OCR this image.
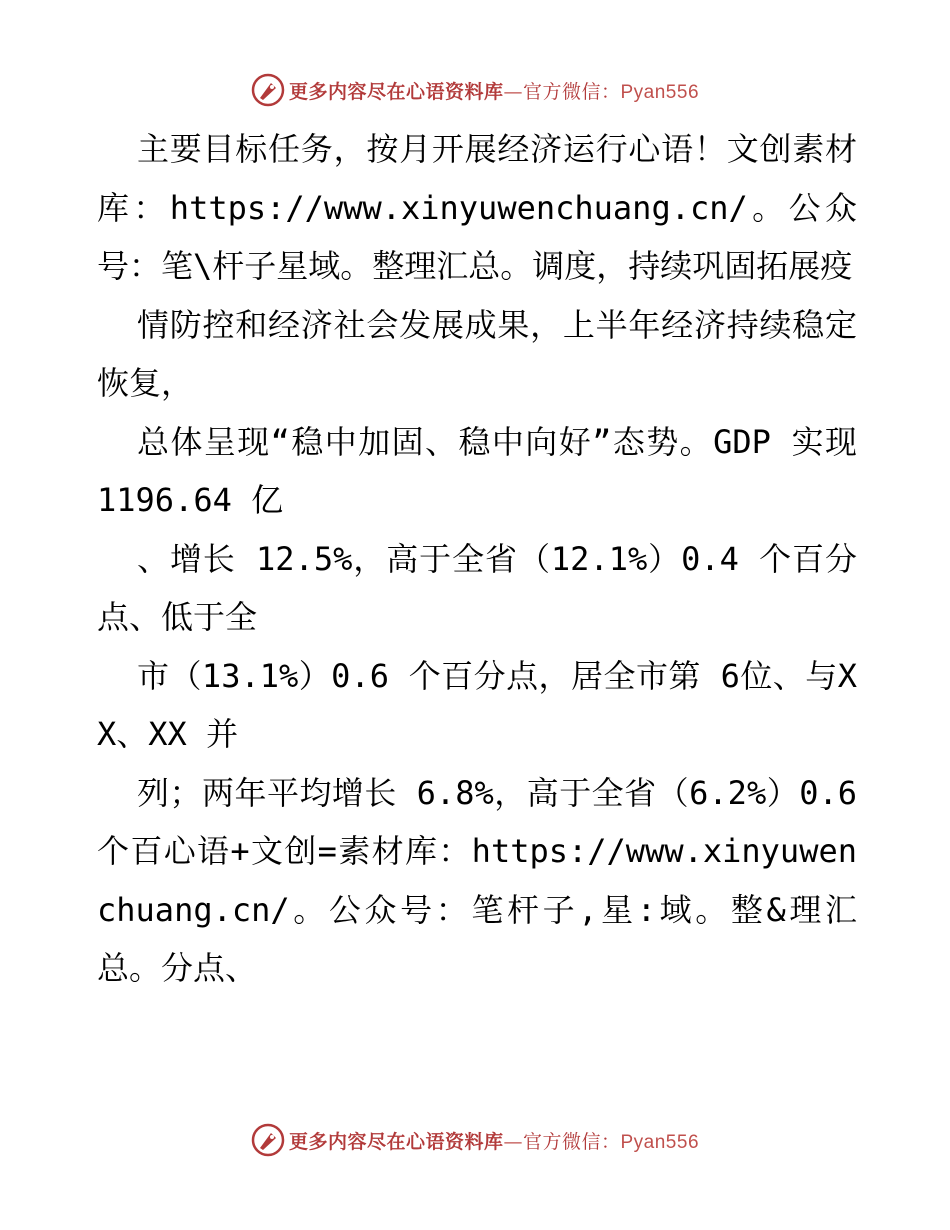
更多内容尽在心语资料库—官方微信：Pyan556

主要目标任务，按月开展经济运行心语！文创素材库：https://www.xinyuwenchuang.cn/。公众号：笔\杆子星域。整理汇总。调度，持续巩固拓展疫

情防控和经济社会发展成果，上半年经济持续稳定恢复，

总体呈现“稳中加固、稳中向好”态势。GDP 实现 1196.64 亿

、增长 12.5%，高于全省（12.1%）0.4 个百分点、低于全

市（13.1%）0.6 个百分点，居全市第 6位、与XX、XX 并

列；两年平均增长 6.8%，高于全省（6.2%）0.6 个百心语+文创=素材库：https://www.xinyuwenchuang.cn/。公众号：笔杆子,星:域。整&理汇总。分点、

更多内容尽在心语资料库—官方微信：Pyan556
